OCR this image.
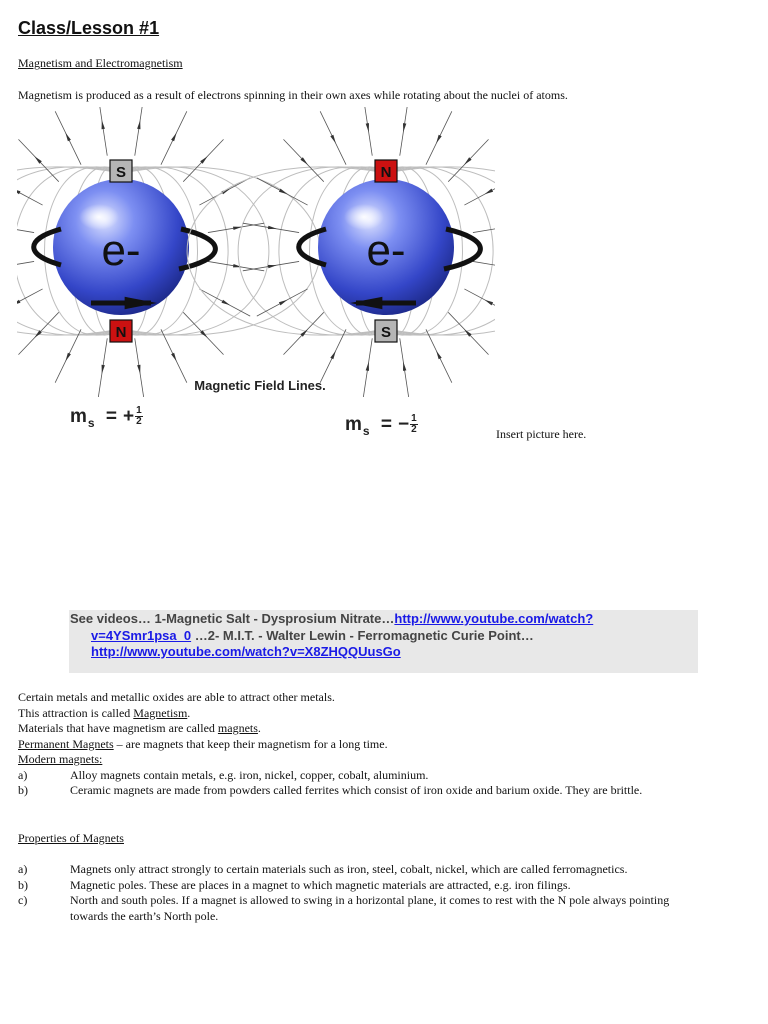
Class/Lesson #1
Magnetism and Electromagnetism
Magnetism is produced as a result of electrons spinning in their own axes while rotating about the nuclei of atoms.
e-
S
N
e-
N
S
Magnetic Field Lines.
$m_s$ = + $\frac{1}{2}$	$m_s$ = − $\frac{1}{2}$	Insert picture here.
See videos… 1-Magnetic Salt - Dysprosium Nitrate…http://www.youtube.com/watch?
v=4YSmr1psa_0 …2- M.I.T. - Walter Lewin - Ferromagnetic Curie Point…
http://www.youtube.com/watch?v=X8ZHQQUusGo
Certain metals and metallic oxides are able to attract other metals.
This attraction is called Magnetism.
Materials that have magnetism are called magnets.
Permanent Magnets – are magnets that keep their magnetism for a long time.
Modern magnets:
a)	Alloy magnets contain metals, e.g. iron, nickel, copper, cobalt, aluminium.
b)	Ceramic magnets are made from powders called ferrites which consist of iron oxide and barium oxide. They are brittle.
Properties of Magnets
a)	Magnets only attract strongly to certain materials such as iron, steel, cobalt, nickel, which are called ferromagnetics.
b)	Magnetic poles. These are places in a magnet to which magnetic materials are attracted, e.g. iron filings.
c)	North and south poles. If a magnet is allowed to swing in a horizontal plane, it comes to rest with the N pole always pointing towards the earth’s North pole.
